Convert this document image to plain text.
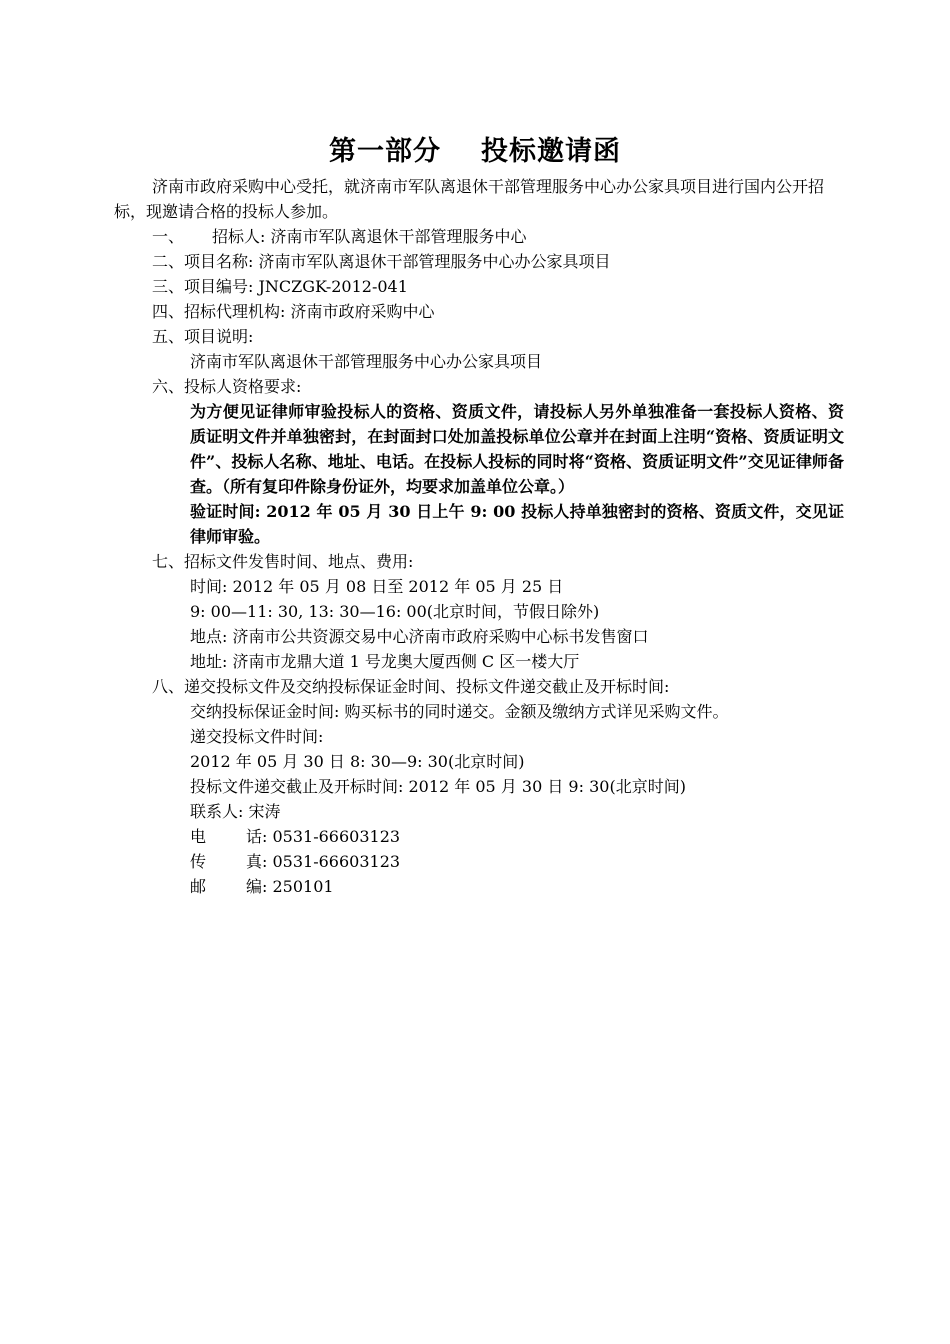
第一部分 投标邀请函
济南市政府采购中心受托，就济南市军队离退休干部管理服务中心办公家具项目进行国内公开招标，现邀请合格的投标人参加。
一、 招标人: 济南市军队离退休干部管理服务中心
二、项目名称: 济南市军队离退休干部管理服务中心办公家具项目
三、项目编号: JNCZGK-2012-041
四、招标代理机构: 济南市政府采购中心
五、项目说明:
济南市军队离退休干部管理服务中心办公家具项目
六、投标人资格要求:
为方便见证律师审验投标人的资格、资质文件，请投标人另外单独准备一套投标人资格、资质证明文件并单独密封，在封面封口处加盖投标单位公章并在封面上注明“资格、资质证明文件”、投标人名称、地址、电话。在投标人投标的同时将“资格、资质证明文件”交见证律师备查。（所有复印件除身份证外，均要求加盖单位公章。）
验证时间: 2012 年 05 月 30 日上午 9: 00 投标人持单独密封的资格、资质文件，交见证律师审验。
七、招标文件发售时间、地点、费用:
时间: 2012 年 05 月 08 日至 2012 年 05 月 25 日
9: 00—11: 30, 13: 30—16: 00(北京时间，节假日除外)
地点: 济南市公共资源交易中心济南市政府采购中心标书发售窗口
地址: 济南市龙鼎大道 1 号龙奥大厦西侧 C 区一楼大厅
八、递交投标文件及交纳投标保证金时间、投标文件递交截止及开标时间:
交纳投标保证金时间: 购买标书的同时递交。金额及缴纳方式详见采购文件。
递交投标文件时间:
2012 年 05 月 30 日 8: 30—9: 30(北京时间)
投标文件递交截止及开标时间: 2012 年 05 月 30 日 9: 30(北京时间)
联系人: 宋涛
电	话: 0531-66603123
传	真: 0531-66603123
邮	编: 250101
